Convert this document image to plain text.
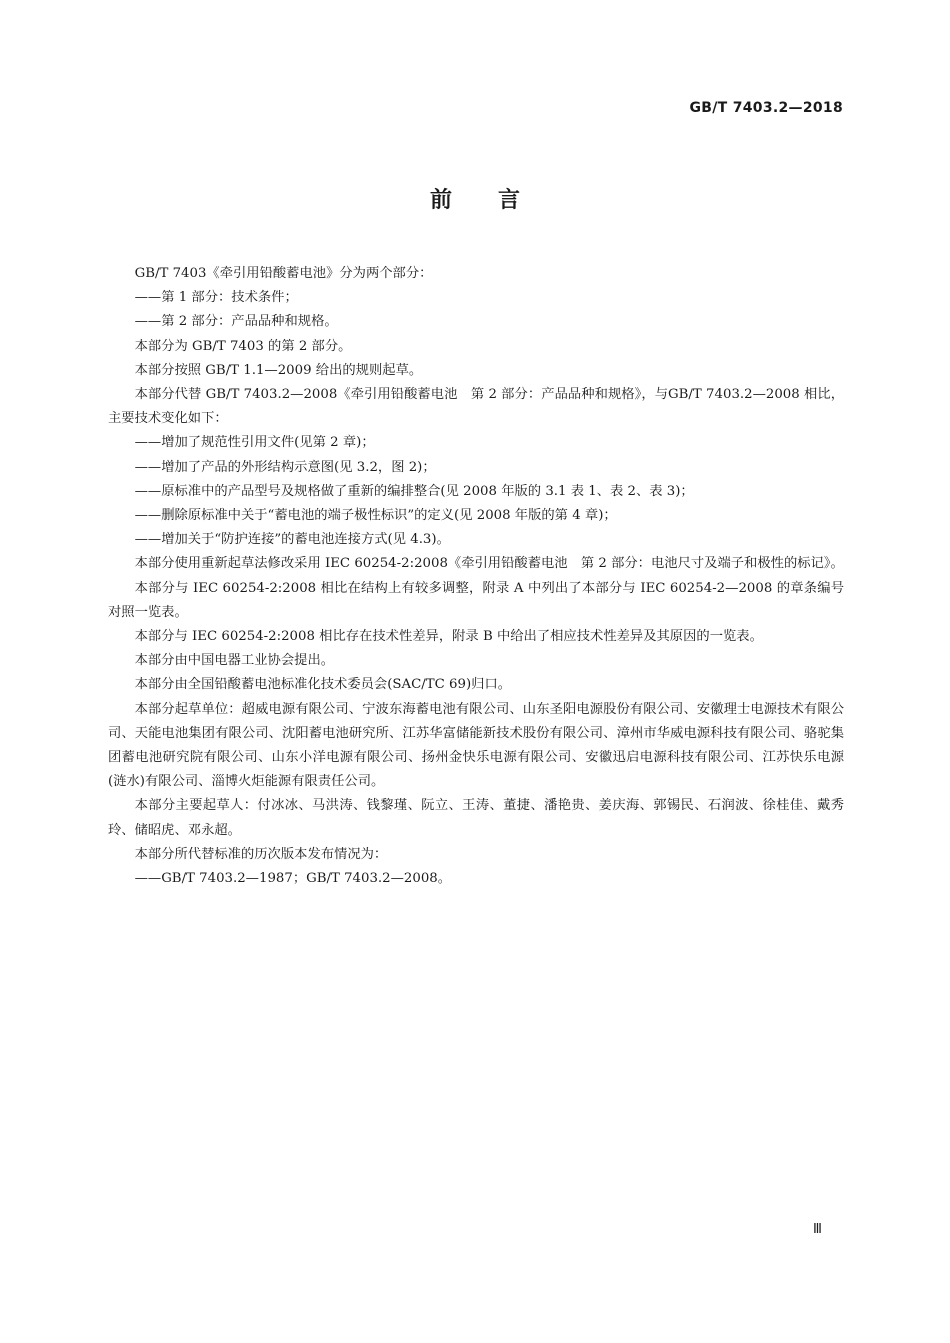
GB/T 7403.2—2018
前言

GB/T 7403《牵引用铅酸蓄电池》分为两个部分：

——第 1 部分：技术条件；

——第 2 部分：产品品种和规格。

本部分为 GB/T 7403 的第 2 部分。

本部分按照 GB/T 1.1—2009 给出的规则起草。

本部分代替 GB/T 7403.2—2008《牵引用铅酸蓄电池　第 2 部分：产品品种和规格》，与GB/T 7403.2—2008 相比，主要技术变化如下：

——增加了规范性引用文件(见第 2 章)；

——增加了产品的外形结构示意图(见 3.2，图 2)；

——原标准中的产品型号及规格做了重新的编排整合(见 2008 年版的 3.1 表 1、表 2、表 3)；

——删除原标准中关于“蓄电池的端子极性标识”的定义(见 2008 年版的第 4 章)；

——增加关于“防护连接”的蓄电池连接方式(见 4.3)。

本部分使用重新起草法修改采用 IEC 60254-2:2008《牵引用铅酸蓄电池　第 2 部分：电池尺寸及端子和极性的标记》。

本部分与 IEC 60254-2:2008 相比在结构上有较多调整，附录 A 中列出了本部分与 IEC 60254-2—2008 的章条编号对照一览表。

本部分与 IEC 60254-2:2008 相比存在技术性差异，附录 B 中给出了相应技术性差异及其原因的一览表。

本部分由中国电器工业协会提出。

本部分由全国铅酸蓄电池标准化技术委员会(SAC/TC 69)归口。

本部分起草单位：超威电源有限公司、宁波东海蓄电池有限公司、山东圣阳电源股份有限公司、安徽理士电源技术有限公司、天能电池集团有限公司、沈阳蓄电池研究所、江苏华富储能新技术股份有限公司、漳州市华威电源科技有限公司、骆驼集团蓄电池研究院有限公司、山东小洋电源有限公司、扬州金快乐电源有限公司、安徽迅启电源科技有限公司、江苏快乐电源(涟水)有限公司、淄博火炬能源有限责任公司。

本部分主要起草人：付冰冰、马洪涛、钱黎瑾、阮立、王涛、董捷、潘艳贵、姜庆海、郭锡民、石润波、徐桂佳、戴秀玲、储昭虎、邓永超。

本部分所代替标准的历次版本发布情况为：

——GB/T 7403.2—1987；GB/T 7403.2—2008。

Ⅲ
